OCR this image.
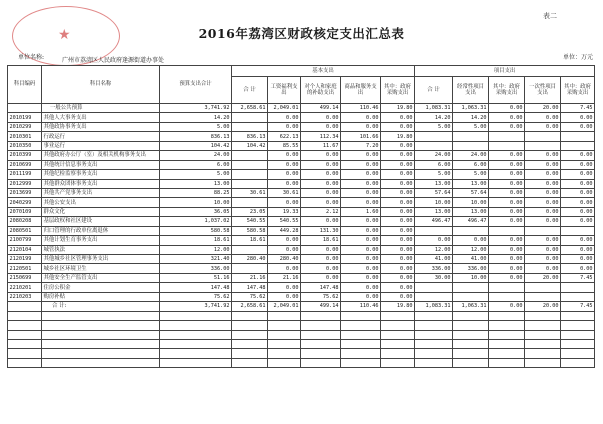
★
表二
2016年荔湾区财政核定支出汇总表
单位名称:	广州市荔湾区人民政府逢源街道办事处	单位：万元
科目编码	科目名称	预算支出合计	基本支出					项目支出				
			合 计	工资福利支出	对个人和家庭的补助支出	商品和服务支出	其中：政府采购支出	合 计	经常性项目支出	其中：政府采购支出	一次性项目支出	其中：政府采购支出
	一般公共预算	3,741.92	2,658.61	2,049.01	499.14	110.46	19.80	1,083.31	1,063.31	0.00	20.00	7.45
2010199	其他人大事务支出	14.20		0.00	0.00	0.00	0.00	14.20	14.20	0.00	0.00	0.00
2010299	其他政协事务支出	5.00		0.00	0.00	0.00	0.00	5.00	5.00	0.00	0.00	0.00
2010301	行政运行	836.13	836.13	622.13	112.34	101.66	19.80					
2010350	事业运行	104.42	104.42	85.55	11.67	7.20	0.00					
2010399	其他政府办公厅（室）及相关机构事务支出	24.00		0.00	0.00	0.00	0.00	24.00	24.00	0.00	0.00	0.00
2010699	其他统计信息事务支出	6.00		0.00	0.00	0.00	0.00	6.00	6.00	0.00	0.00	0.00
2011199	其他纪检监察事务支出	5.00		0.00	0.00	0.00	0.00	5.00	5.00	0.00	0.00	0.00
2012999	其他群众团体事务支出	13.00		0.00	0.00	0.00	0.00	13.00	13.00	0.00	0.00	0.00
2013699	其他共产党事务支出	88.25	30.61	30.61	0.00	0.00	0.00	57.64	57.64	0.00	0.00	0.00
2040299	其他公安支出	10.00		0.00	0.00	0.00	0.00	10.00	10.00	0.00	0.00	0.00
2070109	群众文化	36.05	23.05	19.33	2.12	1.60	0.00	13.00	13.00	0.00	0.00	0.00
2080208	基层政权和社区建设	1,037.02	540.55	540.55	0.00	0.00	0.00	496.47	496.47	0.00	0.00	0.00
2080501	归口管理的行政单位离退休	580.58	580.58	449.28	131.30	0.00	0.00					
2100799	其他计划生育事务支出	18.61	18.61	0.00	18.61	0.00	0.00	0.00	0.00	0.00	0.00	0.00
2120104	城管执法	12.00		0.00	0.00	0.00	0.00	12.00	12.00	0.00	0.00	0.00
2120199	其他城乡社区管理事务支出	321.40	280.40	280.40	0.00	0.00	0.00	41.00	41.00	0.00	0.00	0.00
2120501	城乡社区环境卫生	336.00		0.00	0.00	0.00	0.00	336.00	336.00	0.00	0.00	0.00
2150699	其他安全生产监管支出	51.16	21.16	21.16	0.00	0.00	0.00	30.00	10.00	0.00	20.00	7.45
2210201	住房公积金	147.48	147.48	0.00	147.48	0.00	0.00					
2210203	购房补贴	75.62	75.62	0.00	75.62	0.00	0.00					
	合 计:	3,741.92	2,658.61	2,049.01	499.14	110.46	19.80	1,083.31	1,063.31	0.00	20.00	7.45
